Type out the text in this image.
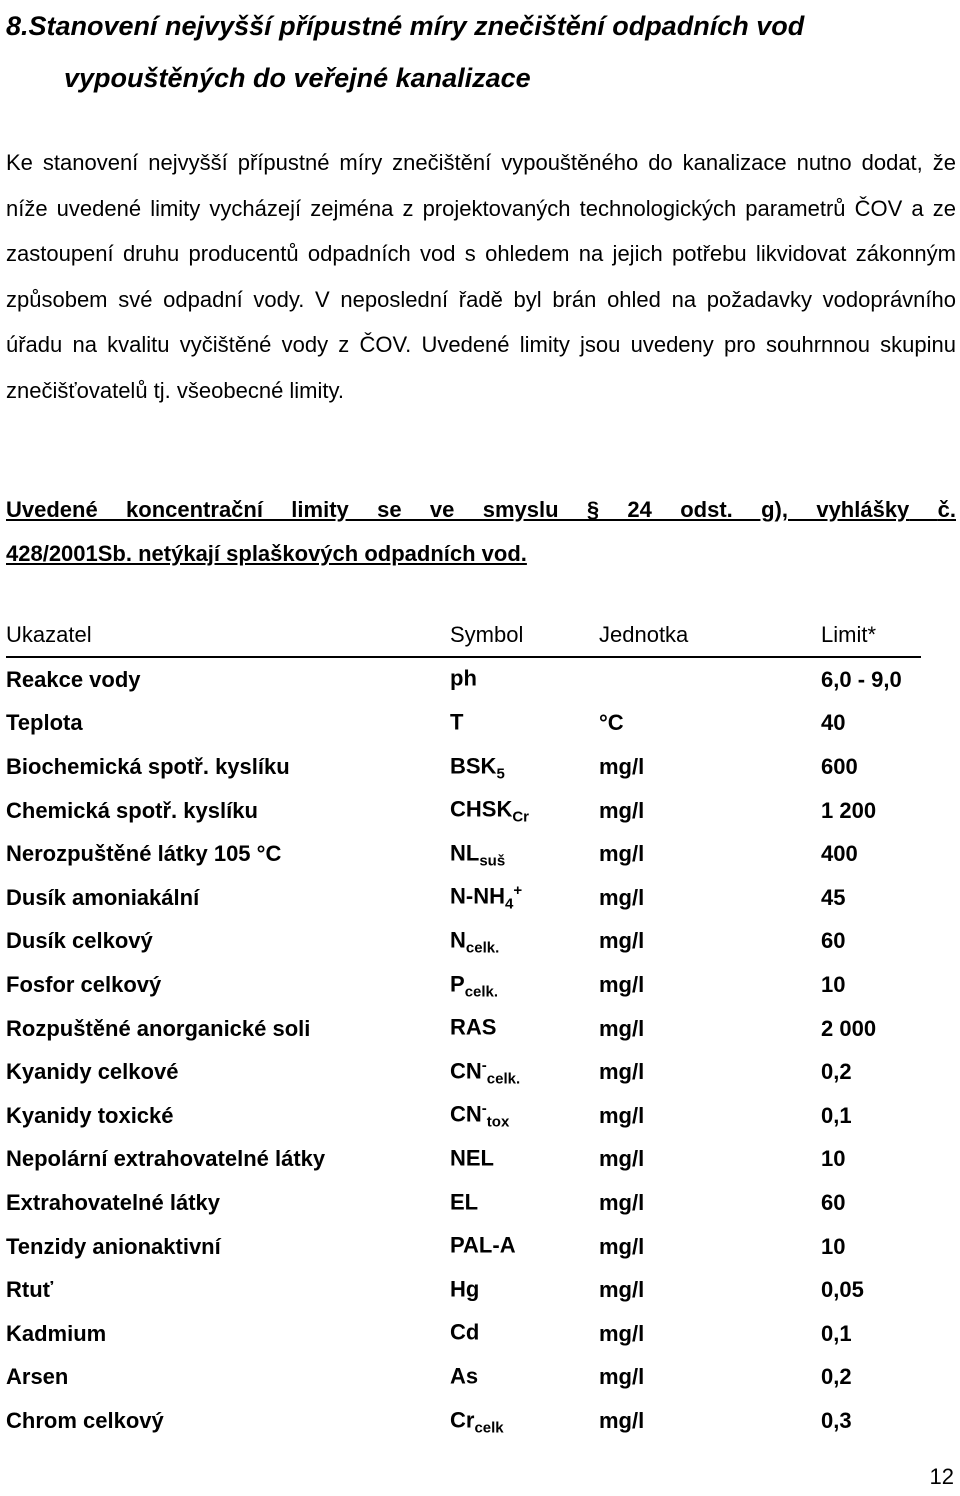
8.Stanovení nejvyšší přípustné míry znečištění odpadních vod
vypouštěných do veřejné kanalizace

Ke stanovení nejvyšší přípustné míry znečištění vypouštěného do kanalizace nutno dodat, že níže uvedené limity vycházejí zejména z projektovaných technologických parametrů ČOV a ze zastoupení druhu producentů odpadních vod s ohledem na jejich potřebu likvidovat zákonným způsobem své odpadní vody. V neposlední řadě byl brán ohled na požadavky vodoprávního úřadu na kvalitu vyčištěné vody z ČOV. Uvedené limity jsou uvedeny pro souhrnnou skupinu znečišťovatelů tj. všeobecné limity.

Uvedené koncentrační limity se ve smyslu § 24 odst. g), vyhlášky č. 428/2001Sb. netýkají splaškových odpadních vod.

Ukazatel	Symbol	Jednotka	Limit*
Reakce vody	ph		6,0 - 9,0
Teplota	T	°C	40
Biochemická spotř. kyslíku	$BSK_5$	mg/l	600
Chemická spotř. kyslíku	$CHSK_{Cr}$	mg/l	1 200
Nerozpuštěné látky 105 °C	$NL_{suš}$	mg/l	400
Dusík amoniakální	$N-NH_4^+$	mg/l	45
Dusík celkový	$N_{celk.}$	mg/l	60
Fosfor celkový	$P_{celk.}$	mg/l	10
Rozpuštěné anorganické soli	RAS	mg/l	2 000
Kyanidy celkové	$CN^-_{celk.}$	mg/l	0,2
Kyanidy toxické	$CN^-_{tox}$	mg/l	0,1
Nepolární extrahovatelné látky	NEL	mg/l	10
Extrahovatelné látky	EL	mg/l	60
Tenzidy anionaktivní	PAL-A	mg/l	10
Rtuť	Hg	mg/l	0,05
Kadmium	Cd	mg/l	0,1
Arsen	As	mg/l	0,2
Chrom celkový	$Cr_{celk}$	mg/l	0,3
12
